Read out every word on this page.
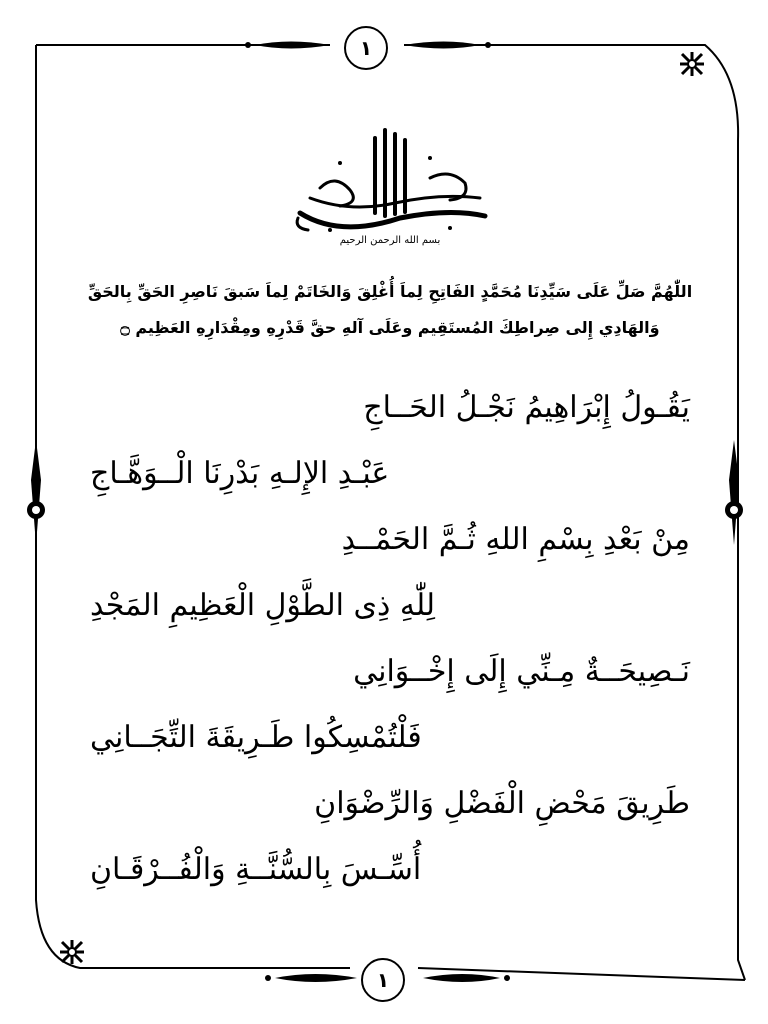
١
١
بسم الله الرحمن الرحيم
اللّٰهُمَّ صَلِّ عَلَى سَيِّدِنَا مُحَمَّدٍ الفَاتِحِ لِماَ أُغْلِقَ وَالخَاتَمْ لِماَ سَبقَ نَاصِرِ الحَقِّ بِالحَقِّ
وَالهَادِي إِلى صِراطِكَ المُستَقِيم وعَلَى آلهِ حقَّ قَدْرِهِ ومِقْدَارِهِ العَظِيم ۝
يَقُـولُ إِبْرَاهِيمُ نَجْـلُ الحَــاجِ
عَبْـدِ الإِلـهِ بَدْرِنَا الْــوَهَّـاجِ
مِنْ بَعْدِ بِسْمِ اللهِ ثُـمَّ الحَمْــدِ
لِلّٰهِ ذِى الطَّوْلِ الْعَظِيمِ المَجْدِ
نَـصِيحَــةٌ مِـنِّي إِلَى إِخْــوَانِي
فَلْتُمْسِكُوا طَـرِيقَةَ التِّجَــانِي
طَرِيقَ مَحْضِ الْفَضْلِ وَالرِّضْوَانِ
أُسِّـسَ بِالسُّنَّــةِ وَالْفُــرْقَـانِ
